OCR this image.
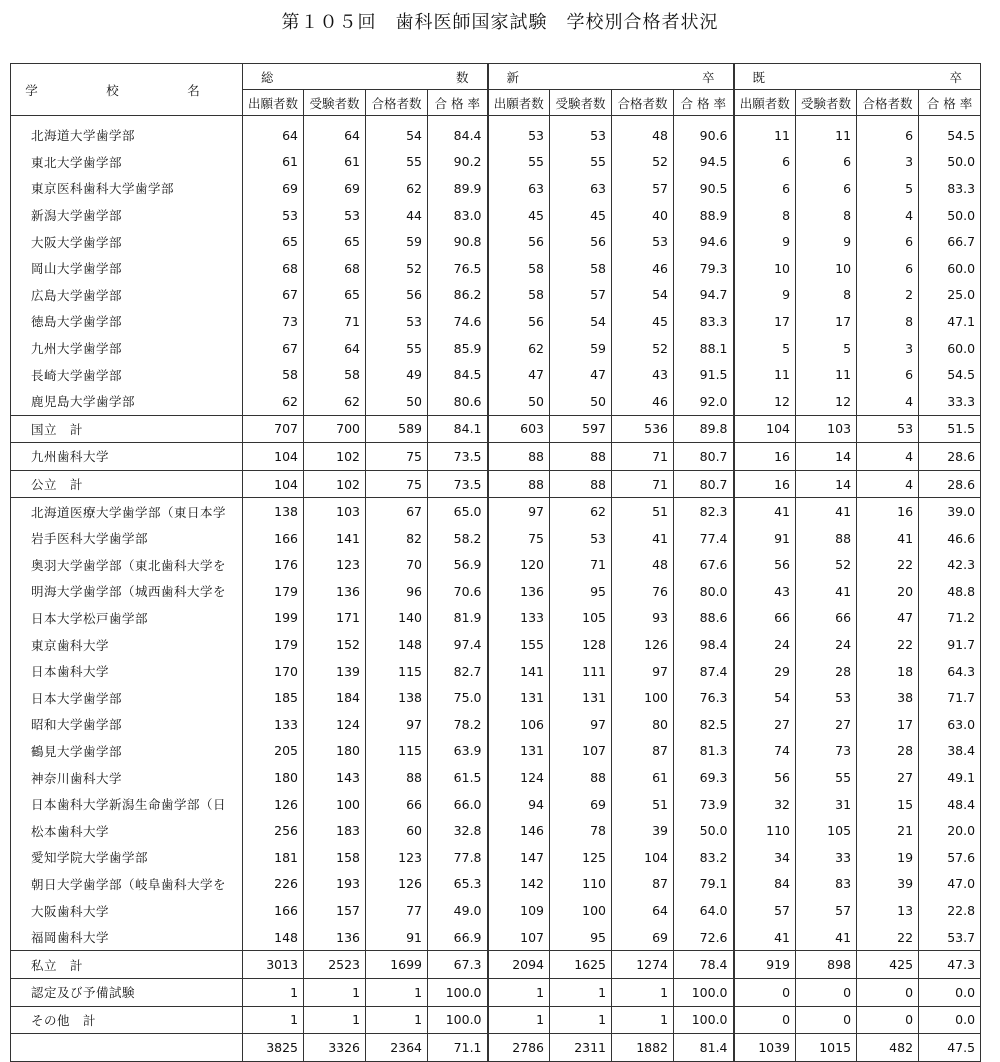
第１０５回　歯科医師国家試験　学校別合格者状況
学　校　名	総		数		新		卒		既		卒	
	出願者数	受験者数	合格者数	合 格 率	出願者数	受験者数	合格者数	合 格 率	出願者数	受験者数	合格者数	合 格 率
北海道大学歯学部	64	64	54	84.4	53	53	48	90.6	11	11	6	54.5
東北大学歯学部	61	61	55	90.2	55	55	52	94.5	6	6	3	50.0
東京医科歯科大学歯学部	69	69	62	89.9	63	63	57	90.5	6	6	5	83.3
新潟大学歯学部	53	53	44	83.0	45	45	40	88.9	8	8	4	50.0
大阪大学歯学部	65	65	59	90.8	56	56	53	94.6	9	9	6	66.7
岡山大学歯学部	68	68	52	76.5	58	58	46	79.3	10	10	6	60.0
広島大学歯学部	67	65	56	86.2	58	57	54	94.7	9	8	2	25.0
徳島大学歯学部	73	71	53	74.6	56	54	45	83.3	17	17	8	47.1
九州大学歯学部	67	64	55	85.9	62	59	52	88.1	5	5	3	60.0
長崎大学歯学部	58	58	49	84.5	47	47	43	91.5	11	11	6	54.5
鹿児島大学歯学部	62	62	50	80.6	50	50	46	92.0	12	12	4	33.3
国立　計	707	700	589	84.1	603	597	536	89.8	104	103	53	51.5
九州歯科大学	104	102	75	73.5	88	88	71	80.7	16	14	4	28.6
公立　計	104	102	75	73.5	88	88	71	80.7	16	14	4	28.6
北海道医療大学歯学部（東日本学	138	103	67	65.0	97	62	51	82.3	41	41	16	39.0
岩手医科大学歯学部	166	141	82	58.2	75	53	41	77.4	91	88	41	46.6
奥羽大学歯学部（東北歯科大学を	176	123	70	56.9	120	71	48	67.6	56	52	22	42.3
明海大学歯学部（城西歯科大学を	179	136	96	70.6	136	95	76	80.0	43	41	20	48.8
日本大学松戸歯学部	199	171	140	81.9	133	105	93	88.6	66	66	47	71.2
東京歯科大学	179	152	148	97.4	155	128	126	98.4	24	24	22	91.7
日本歯科大学	170	139	115	82.7	141	111	97	87.4	29	28	18	64.3
日本大学歯学部	185	184	138	75.0	131	131	100	76.3	54	53	38	71.7
昭和大学歯学部	133	124	97	78.2	106	97	80	82.5	27	27	17	63.0
鶴見大学歯学部	205	180	115	63.9	131	107	87	81.3	74	73	28	38.4
神奈川歯科大学	180	143	88	61.5	124	88	61	69.3	56	55	27	49.1
日本歯科大学新潟生命歯学部（日	126	100	66	66.0	94	69	51	73.9	32	31	15	48.4
松本歯科大学	256	183	60	32.8	146	78	39	50.0	110	105	21	20.0
愛知学院大学歯学部	181	158	123	77.8	147	125	104	83.2	34	33	19	57.6
朝日大学歯学部（岐阜歯科大学を	226	193	126	65.3	142	110	87	79.1	84	83	39	47.0
大阪歯科大学	166	157	77	49.0	109	100	64	64.0	57	57	13	22.8
福岡歯科大学	148	136	91	66.9	107	95	69	72.6	41	41	22	53.7
私立　計	3013	2523	1699	67.3	2094	1625	1274	78.4	919	898	425	47.3
認定及び予備試験	1	1	1	100.0	1	1	1	100.0	0	0	0	0.0
その他　計	1	1	1	100.0	1	1	1	100.0	0	0	0	0.0
	3825	3326	2364	71.1	2786	2311	1882	81.4	1039	1015	482	47.5
